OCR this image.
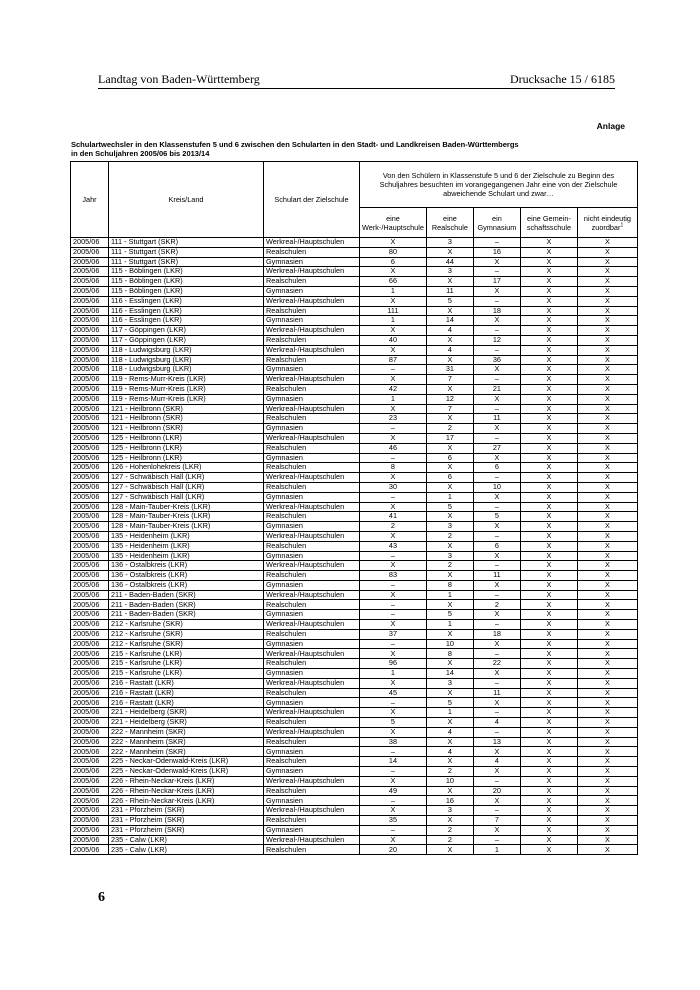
Landtag von Baden-Württemberg	Drucksache 15 / 6185
Anlage
Schulartwechsler in den Klassenstufen 5 und 6 zwischen den Schularten in den Stadt- und Landkreisen Baden-Württembergs
in den Schuljahren 2005/06 bis 2013/14
Jahr	Kreis/Land	Schulart der Zielschule	Von den Schülern in Klassenstufe 5 und 6 der Zielschule zu Beginn des Schuljahres besuchten im vorangegangenen Jahr eine von der Zielschule abweichende Schulart und zwar…				
			eine Werk-/Hauptschule	eine Realschule	ein Gymnasium	eine Gemein-schaftsschule	nicht eindeutig zuordbar$^1$
2005/06	111 - Stuttgart (SKR)	Werkreal-/Hauptschulen	X	3	–	X	X
2005/06	111 - Stuttgart (SKR)	Realschulen	80	X	16	X	X
2005/06	111 - Stuttgart (SKR)	Gymnasien	6	44	X	X	X
2005/06	115 - Böblingen (LKR)	Werkreal-/Hauptschulen	X	3	–	X	X
2005/06	115 - Böblingen (LKR)	Realschulen	66	X	17	X	X
2005/06	115 - Böblingen (LKR)	Gymnasien	1	11	X	X	X
2005/06	116 - Esslingen (LKR)	Werkreal-/Hauptschulen	X	5	–	X	X
2005/06	116 - Esslingen (LKR)	Realschulen	111	X	18	X	X
2005/06	116 - Esslingen (LKR)	Gymnasien	1	14	X	X	X
2005/06	117 - Göppingen (LKR)	Werkreal-/Hauptschulen	X	4	–	X	X
2005/06	117 - Göppingen (LKR)	Realschulen	40	X	12	X	X
2005/06	118 - Ludwigsburg (LKR)	Werkreal-/Hauptschulen	X	4	–	X	X
2005/06	118 - Ludwigsburg (LKR)	Realschulen	87	X	36	X	X
2005/06	118 - Ludwigsburg (LKR)	Gymnasien	–	31	X	X	X
2005/06	119 - Rems-Murr-Kreis (LKR)	Werkreal-/Hauptschulen	X	7	–	X	X
2005/06	119 - Rems-Murr-Kreis (LKR)	Realschulen	42	X	21	X	X
2005/06	119 - Rems-Murr-Kreis (LKR)	Gymnasien	1	12	X	X	X
2005/06	121 - Heilbronn (SKR)	Werkreal-/Hauptschulen	X	7	–	X	X
2005/06	121 - Heilbronn (SKR)	Realschulen	23	X	11	X	X
2005/06	121 - Heilbronn (SKR)	Gymnasien	–	2	X	X	X
2005/06	125 - Heilbronn (LKR)	Werkreal-/Hauptschulen	X	17	–	X	X
2005/06	125 - Heilbronn (LKR)	Realschulen	46	X	27	X	X
2005/06	125 - Heilbronn (LKR)	Gymnasien	–	6	X	X	X
2005/06	126 - Hohenlohekreis (LKR)	Realschulen	8	X	6	X	X
2005/06	127 - Schwäbisch Hall (LKR)	Werkreal-/Hauptschulen	X	6	–	X	X
2005/06	127 - Schwäbisch Hall (LKR)	Realschulen	30	X	10	X	X
2005/06	127 - Schwäbisch Hall (LKR)	Gymnasien	–	1	X	X	X
2005/06	128 - Main-Tauber-Kreis (LKR)	Werkreal-/Hauptschulen	X	5	–	X	X
2005/06	128 - Main-Tauber-Kreis (LKR)	Realschulen	41	X	5	X	X
2005/06	128 - Main-Tauber-Kreis (LKR)	Gymnasien	2	3	X	X	X
2005/06	135 - Heidenheim (LKR)	Werkreal-/Hauptschulen	X	2	–	X	X
2005/06	135 - Heidenheim (LKR)	Realschulen	43	X	6	X	X
2005/06	135 - Heidenheim (LKR)	Gymnasien	–	3	X	X	X
2005/06	136 - Ostalbkreis (LKR)	Werkreal-/Hauptschulen	X	2	–	X	X
2005/06	136 - Ostalbkreis (LKR)	Realschulen	83	X	11	X	X
2005/06	136 - Ostalbkreis (LKR)	Gymnasien	–	8	X	X	X
2005/06	211 - Baden-Baden (SKR)	Werkreal-/Hauptschulen	X	1	–	X	X
2005/06	211 - Baden-Baden (SKR)	Realschulen	–	X	2	X	X
2005/06	211 - Baden-Baden (SKR)	Gymnasien	–	5	X	X	X
2005/06	212 - Karlsruhe (SKR)	Werkreal-/Hauptschulen	X	1	–	X	X
2005/06	212 - Karlsruhe (SKR)	Realschulen	37	X	18	X	X
2005/06	212 - Karlsruhe (SKR)	Gymnasien	–	10	X	X	X
2005/06	215 - Karlsruhe (LKR)	Werkreal-/Hauptschulen	X	8	–	X	X
2005/06	215 - Karlsruhe (LKR)	Realschulen	96	X	22	X	X
2005/06	215 - Karlsruhe (LKR)	Gymnasien	1	14	X	X	X
2005/06	216 - Rastatt (LKR)	Werkreal-/Hauptschulen	X	3	–	X	X
2005/06	216 - Rastatt (LKR)	Realschulen	45	X	11	X	X
2005/06	216 - Rastatt (LKR)	Gymnasien	–	5	X	X	X
2005/06	221 - Heidelberg (SKR)	Werkreal-/Hauptschulen	X	1	–	X	X
2005/06	221 - Heidelberg (SKR)	Realschulen	5	X	4	X	X
2005/06	222 - Mannheim (SKR)	Werkreal-/Hauptschulen	X	4	–	X	X
2005/06	222 - Mannheim (SKR)	Realschulen	38	X	13	X	X
2005/06	222 - Mannheim (SKR)	Gymnasien	–	4	X	X	X
2005/06	225 - Neckar-Odenwald-Kreis (LKR)	Realschulen	14	X	4	X	X
2005/06	225 - Neckar-Odenwald-Kreis (LKR)	Gymnasien	–	2	X	X	X
2005/06	226 - Rhein-Neckar-Kreis (LKR)	Werkreal-/Hauptschulen	X	10	–	X	X
2005/06	226 - Rhein-Neckar-Kreis (LKR)	Realschulen	49	X	20	X	X
2005/06	226 - Rhein-Neckar-Kreis (LKR)	Gymnasien	–	16	X	X	X
2005/06	231 - Pforzheim (SKR)	Werkreal-/Hauptschulen	X	3	–	X	X
2005/06	231 - Pforzheim (SKR)	Realschulen	35	X	7	X	X
2005/06	231 - Pforzheim (SKR)	Gymnasien	–	2	X	X	X
2005/06	235 - Calw (LKR)	Werkreal-/Hauptschulen	X	2	–	X	X
2005/06	235 - Calw (LKR)	Realschulen	20	X	1	X	X
6
